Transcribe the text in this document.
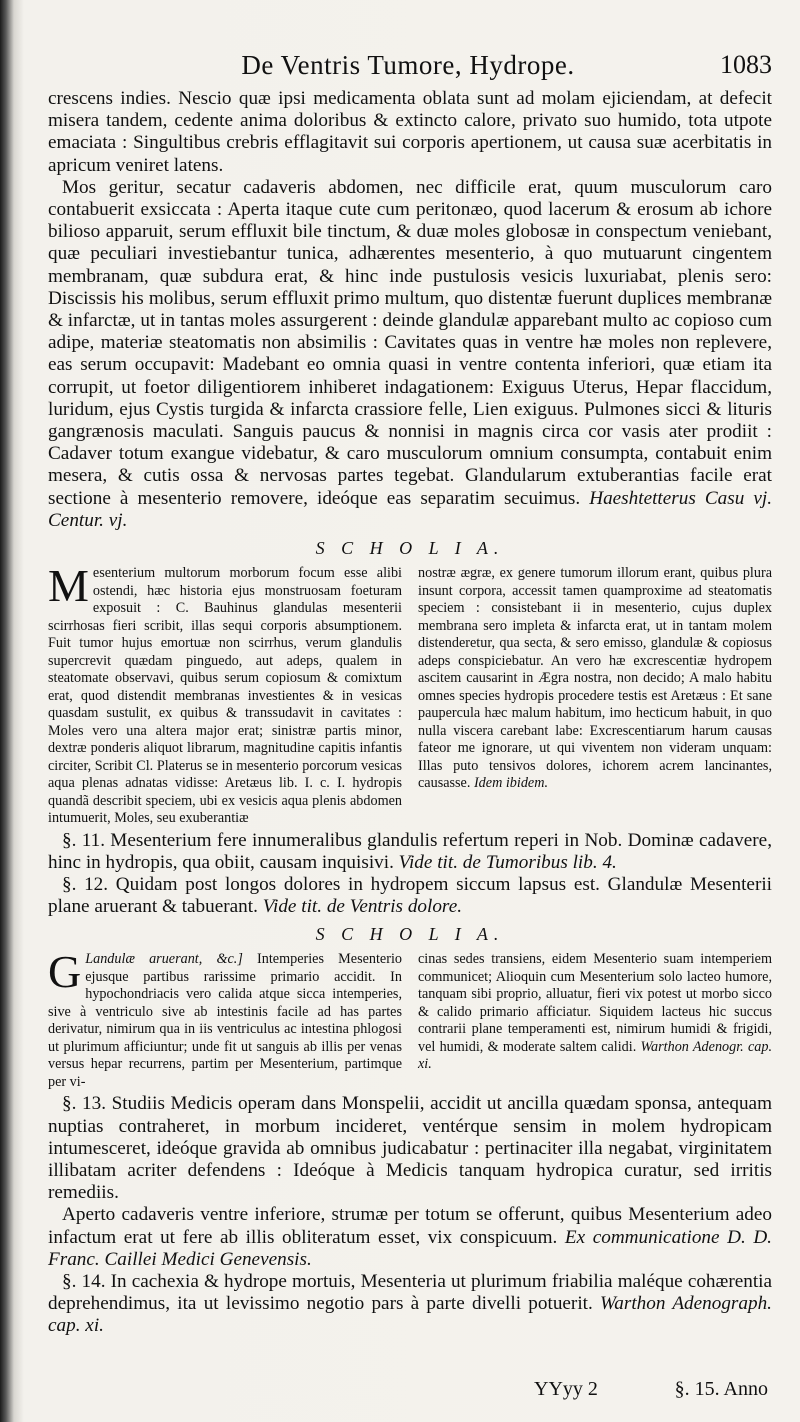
De Ventris Tumore, Hydrope.	1083

crescens indies. Nescio quæ ipsi medicamenta oblata sunt ad molam ejiciendam, at defecit misera tandem, cedente anima doloribus & extincto calore, privato suo humido, tota utpote emaciata : Singultibus crebris efflagitavit sui corporis apertionem, ut causa suæ acerbitatis in apricum veniret latens.

Mos geritur, secatur cadaveris abdomen, nec difficile erat, quum musculorum caro contabuerit exsiccata : Aperta itaque cute cum peritonæo, quod lacerum & erosum ab ichore bilioso apparuit, serum effluxit bile tinctum, & duæ moles globosæ in conspectum veniebant, quæ peculiari investiebantur tunica, adhærentes mesenterio, à quo mutuarunt cingentem membranam, quæ subdura erat, & hinc inde pustulosis vesicis luxuriabat, plenis sero: Discissis his molibus, serum effluxit primo multum, quo distentæ fuerunt duplices membranæ & infarctæ, ut in tantas moles assurgerent : deinde glandulæ apparebant multo ac copioso cum adipe, materiæ steatomatis non absimilis : Cavitates quas in ventre hæ moles non replevere, eas serum occupavit: Madebant eo omnia quasi in ventre contenta inferiori, quæ etiam ita corrupit, ut foetor diligentiorem inhiberet indagationem: Exiguus Uterus, Hepar flaccidum, luridum, ejus Cystis turgida & infarcta crassiore felle, Lien exiguus. Pulmones sicci & lituris gangrænosis maculati. Sanguis paucus & nonnisi in magnis circa cor vasis ater prodiit : Cadaver totum exangue videbatur, & caro musculorum omnium consumpta, contabuit enim mesera, & cutis ossa & nervosas partes tegebat. Glandularum extuberantias facile erat sectione à mesenterio removere, ideóque eas separatim secuimus. Haeshtetterus Casu vj. Centur. vj.

S C H O L I A.

Mesenterium multorum morborum focum esse alibi ostendi, hæc historia ejus monstruosam foeturam exposuit : C. Bauhinus glandulas mesenterii scirrhosas fieri scribit, illas sequi corporis absumptionem. Fuit tumor hujus emortuæ non scirrhus, verum glandulis supercrevit quædam pinguedo, aut adeps, qualem in steatomate observavi, quibus serum copiosum & comixtum erat, quod distendit membranas investientes & in vesicas quasdam sustulit, ex quibus & transsudavit in cavitates : Moles vero una altera major erat; sinistræ partis minor, dextræ ponderis aliquot librarum, magnitudine capitis infantis circiter, Scribit Cl. Platerus se in mesenterio porcorum vesicas aqua plenas adnatas vidisse: Aretæus lib. I. c. I. hydropis quandã describit speciem, ubi ex vesicis aqua plenis abdomen intumuerit, Moles, seu exuberantiæ

nostræ ægræ, ex genere tumorum illorum erant, quibus plura insunt corpora, accessit tamen quamproxime ad steatomatis speciem : consistebant ii in mesenterio, cujus duplex membrana sero impleta & infarcta erat, ut in tantam molem distenderetur, qua secta, & sero emisso, glandulæ & copiosus adeps conspiciebatur. An vero hæ excrescentiæ hydropem ascitem causarint in Ægra nostra, non decido; A malo habitu omnes species hydropis procedere testis est Aretæus : Et sane paupercula hæc malum habitum, imo hecticum habuit, in quo nulla viscera carebant labe: Excrescentiarum harum causas fateor me ignorare, ut qui viventem non videram unquam: Illas puto tensivos dolores, ichorem acrem lancinantes, causasse. Idem ibidem.

§. 11. Mesenterium fere innumeralibus glandulis refertum reperi in Nob. Dominæ cadavere, hinc in hydropis, qua obiit, causam inquisivi. Vide tit. de Tumoribus lib. 4.

§. 12. Quidam post longos dolores in hydropem siccum lapsus est. Glandulæ Mesenterii plane aruerant & tabuerant. Vide tit. de Ventris dolore.

S C H O L I A.

G Landulæ aruerant, &c.] Intemperies Mesenterio ejusque partibus rarissime primario accidit. In hypochondriacis vero calida atque sicca intemperies, sive à ventriculo sive ab intestinis facile ad has partes derivatur, nimirum qua in iis ventriculus ac intestina phlogosi ut plurimum afficiuntur; unde fit ut sanguis ab illis per venas versus hepar recurrens, partim per Mesenterium, partimque per vi-

cinas sedes transiens, eidem Mesenterio suam intemperiem communicet; Alioquin cum Mesenterium solo lacteo humore, tanquam sibi proprio, alluatur, fieri vix potest ut morbo sicco & calido primario afficiatur. Siquidem lacteus hic succus contrarii plane temperamenti est, nimirum humidi & frigidi, vel humidi, & moderate saltem calidi. Warthon Adenogr. cap. xi.

§. 13. Studiis Medicis operam dans Monspelii, accidit ut ancilla quædam sponsa, antequam nuptias contraheret, in morbum incideret, ventérque sensim in molem hydropicam intumesceret, ideóque gravida ab omnibus judicabatur : pertinaciter illa negabat, virginitatem illibatam acriter defendens : Ideóque à Medicis tanquam hydropica curatur, sed irritis remediis.

Aperto cadaveris ventre inferiore, strumæ per totum se offerunt, quibus Mesenterium adeo infactum erat ut fere ab illis obliteratum esset, vix conspicuum. Ex communicatione D. D. Franc. Caillei Medici Genevensis.

§. 14. In cachexia & hydrope mortuis, Mesenteria ut plurimum friabilia maléque cohærentia deprehendimus, ita ut levissimo negotio pars à parte divelli potuerit. Warthon Adenograph. cap. xi.

YYyy 2	§. 15. Anno
